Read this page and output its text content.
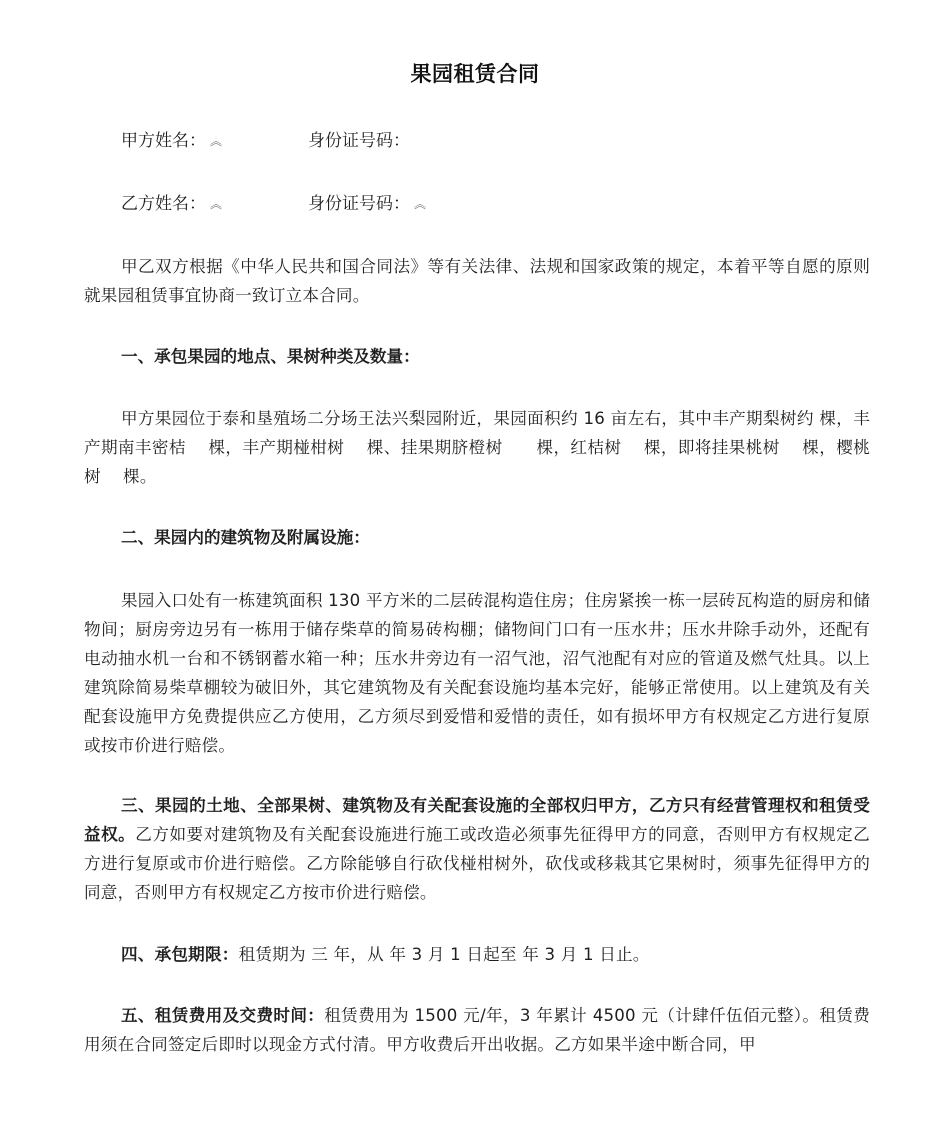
果园租赁合同
甲方姓名： ︽	身份证号码：
乙方姓名： ︽	身份证号码： ︽
甲乙双方根据《中华人民共和国合同法》等有关法律、法规和国家政策的规定，本着平等自愿的原则就果园租赁事宜协商一致订立本合同。
一、承包果园的地点、果树种类及数量：
甲方果园位于泰和垦殖场二分场王法兴梨园附近，果园面积约 16 亩左右，其中丰产期梨树约 棵，丰产期南丰密桔　 棵，丰产期椪柑树　 棵、挂果期脐橙树　　棵，红桔树　 棵，即将挂果桃树　 棵，樱桃树　 棵。
二、果园内的建筑物及附属设施：
果园入口处有一栋建筑面积 130 平方米的二层砖混构造住房；住房紧挨一栋一层砖瓦构造的厨房和储物间；厨房旁边另有一栋用于储存柴草的简易砖构棚；储物间门口有一压水井；压水井除手动外，还配有电动抽水机一台和不锈钢蓄水箱一种；压水井旁边有一沼气池，沼气池配有对应的管道及燃气灶具。以上建筑除简易柴草棚较为破旧外，其它建筑物及有关配套设施均基本完好，能够正常使用。以上建筑及有关配套设施甲方免费提供应乙方使用，乙方须尽到爱惜和爱惜的责任，如有损坏甲方有权规定乙方进行复原或按市价进行赔偿。
三、果园的土地、全部果树、建筑物及有关配套设施的全部权归甲方，乙方只有经营管理权和租赁受益权。乙方如要对建筑物及有关配套设施进行施工或改造必须事先征得甲方的同意，否则甲方有权规定乙方进行复原或市价进行赔偿。乙方除能够自行砍伐椪柑树外，砍伐或移栽其它果树时，须事先征得甲方的同意，否则甲方有权规定乙方按市价进行赔偿。
四、承包期限：租赁期为 三 年，从 年 3 月 1 日起至 年 3 月 1 日止。
五、租赁费用及交费时间：租赁费用为 1500 元/年，3 年累计 4500 元（计肆仟伍佰元整）。租赁费用须在合同签定后即时以现金方式付清。甲方收费后开出收据。乙方如果半途中断合同，甲
